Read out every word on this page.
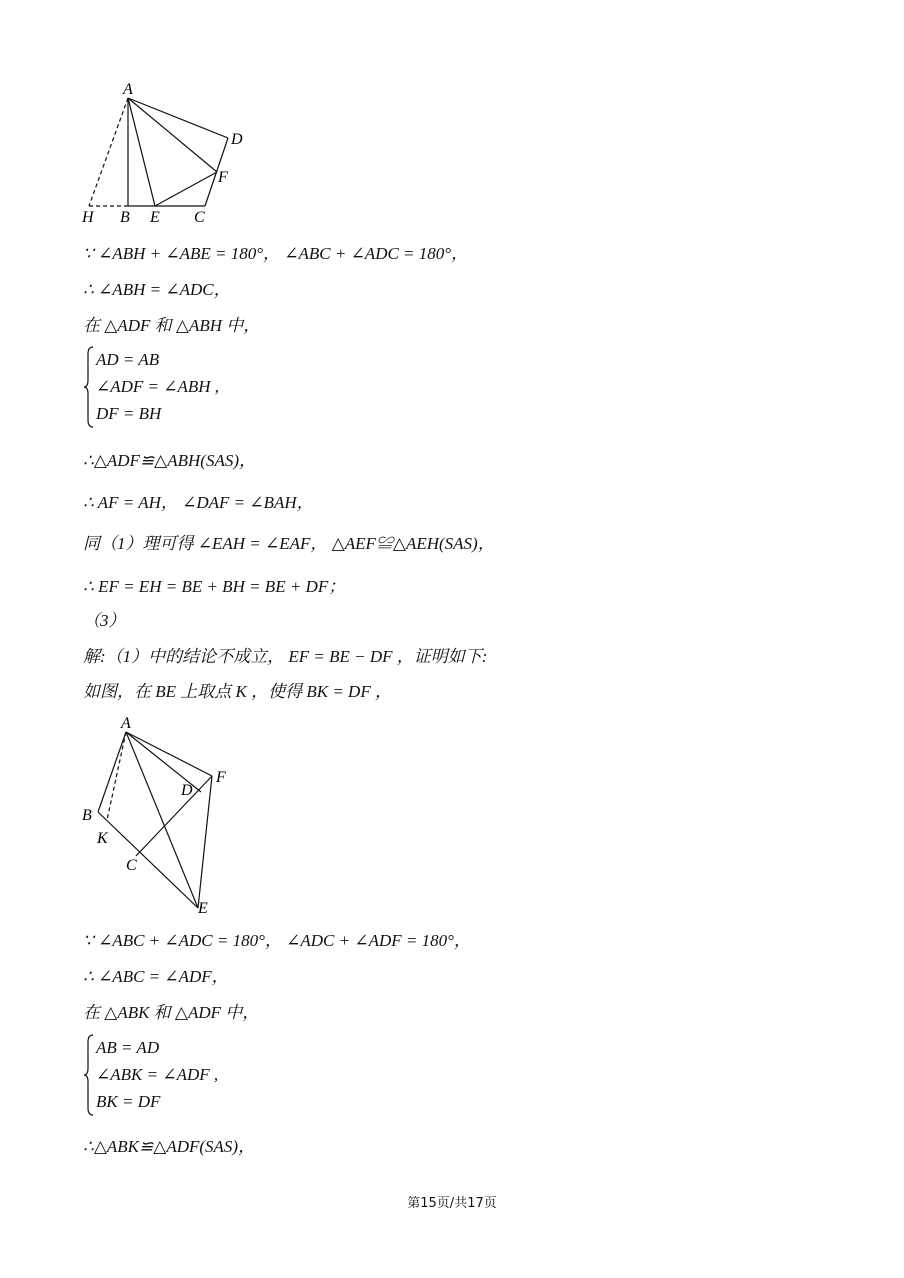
A
D
F
H B E C
∵ ∠ABH + ∠ABE = 180°， ∠ABC + ∠ADC = 180°，
∴ ∠ABH = ∠ADC，
在 △ADF 和 △ABH 中，
AD = AB
∠ADF = ∠ABH ,
DF = BH
∴△ADF≌△ABH(SAS)，
∴ AF = AH， ∠DAF = ∠BAH，
同（1）理可得 ∠EAH = ∠EAF， △AEF≌△AEH(SAS)，
∴ EF = EH = BE + BH = BE + DF；
（3）
解:（1）中的结论不成立， EF = BE − DF ，证明如下:
如图，在 BE 上取点 K ，使得 BK = DF ，
A
F
D
B
K
C
E
∵ ∠ABC + ∠ADC = 180°， ∠ADC + ∠ADF = 180°，
∴ ∠ABC = ∠ADF，
在 △ABK 和 △ADF 中，
AB = AD
∠ABK = ∠ADF ,
BK = DF
∴△ABK≌△ADF(SAS)，
第15页/共17页
